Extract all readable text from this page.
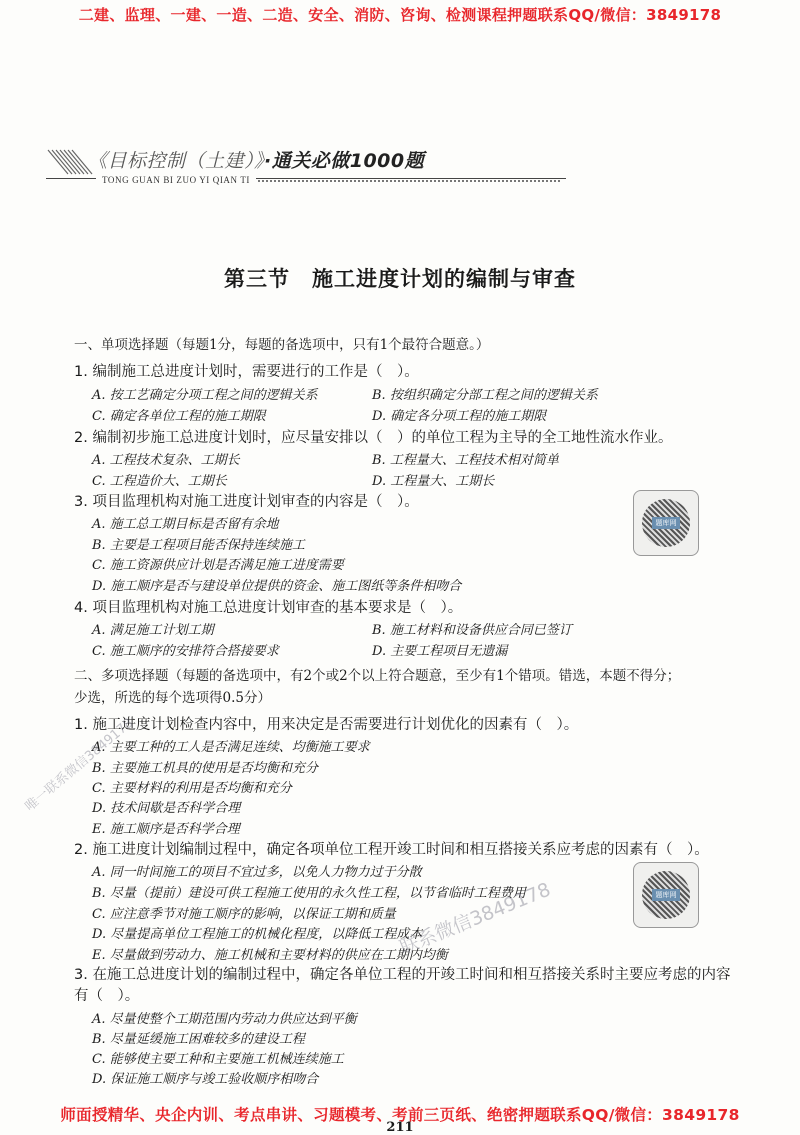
二建、监理、一建、一造、二造、安全、消防、咨询、检测课程押题联系QQ/微信：3849178
《目标控制（土建）》·通关必做1000题
TONG GUAN BI ZUO YI QIAN TI
第三节　施工进度计划的编制与审查
一、单项选择题（每题1分，每题的备选项中，只有1个最符合题意。）
1. 编制施工总进度计划时，需要进行的工作是（　）。
A. 按工艺确定分项工程之间的逻辑关系	B. 按组织确定分部工程之间的逻辑关系
C. 确定各单位工程的施工期限	D. 确定各分项工程的施工期限
2. 编制初步施工总进度计划时，应尽量安排以（　）的单位工程为主导的全工地性流水作业。
A. 工程技术复杂、工期长	B. 工程量大、工程技术相对简单
C. 工程造价大、工期长	D. 工程量大、工期长
3. 项目监理机构对施工进度计划审查的内容是（　）。
A. 施工总工期目标是否留有余地
B. 主要是工程项目能否保持连续施工
C. 施工资源供应计划是否满足施工进度需要
D. 施工顺序是否与建设单位提供的资金、施工图纸等条件相吻合
题库网
4. 项目监理机构对施工总进度计划审查的基本要求是（　）。
A. 满足施工计划工期	B. 施工材料和设备供应合同已签订
C. 施工顺序的安排符合搭接要求	D. 主要工程项目无遗漏
二、多项选择题（每题的备选项中，有2个或2个以上符合题意，至少有1个错项。错选，本题不得分；
少选，所选的每个选项得0.5分）
1. 施工进度计划检查内容中，用来决定是否需要进行计划优化的因素有（　）。
A. 主要工种的工人是否满足连续、均衡施工要求
B. 主要施工机具的使用是否均衡和充分
C. 主要材料的利用是否均衡和充分
D. 技术间歇是否科学合理
E. 施工顺序是否科学合理
2. 施工进度计划编制过程中，确定各项单位工程开竣工时间和相互搭接关系应考虑的因素有（　）。
A. 同一时间施工的项目不宜过多，以免人力物力过于分散
B. 尽量（提前）建设可供工程施工使用的永久性工程，以节省临时工程费用
C. 应注意季节对施工顺序的影响，以保证工期和质量
D. 尽量提高单位工程施工的机械化程度，以降低工程成本
E. 尽量做到劳动力、施工机械和主要材料的供应在工期内均衡
题库网
3. 在施工总进度计划的编制过程中，确定各单位工程的开竣工时间和相互搭接关系时主要应考虑的内容
有（　）。
A. 尽量使整个工期范围内劳动力供应达到平衡
B. 尽量延缓施工困难较多的建设工程
C. 能够使主要工种和主要施工机械连续施工
D. 保证施工顺序与竣工验收顺序相吻合
唯一联系微信3849178
联系微信3849178
师面授精华、央企内训、考点串讲、习题模考、考前三页纸、绝密押题联系QQ/微信：3849178
211
